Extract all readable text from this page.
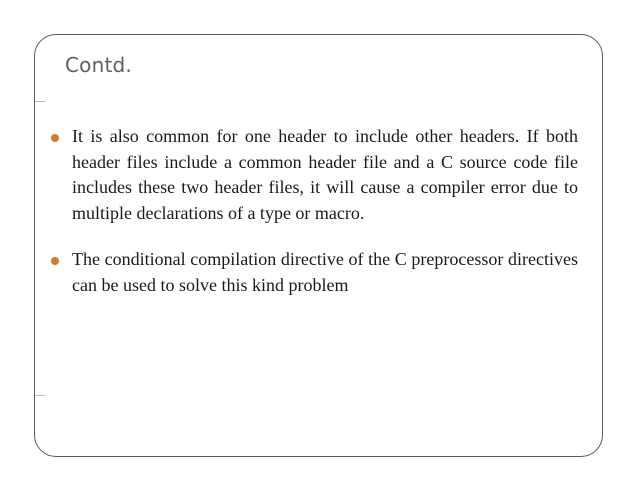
Contd.
It is also common for one header to include other headers. If both header files include a common header file and a C source code file includes these two header files, it will cause a compiler error due to multiple declarations of a type or macro.
The conditional compilation directive of the C preprocessor directives can be used to solve this kind problem
